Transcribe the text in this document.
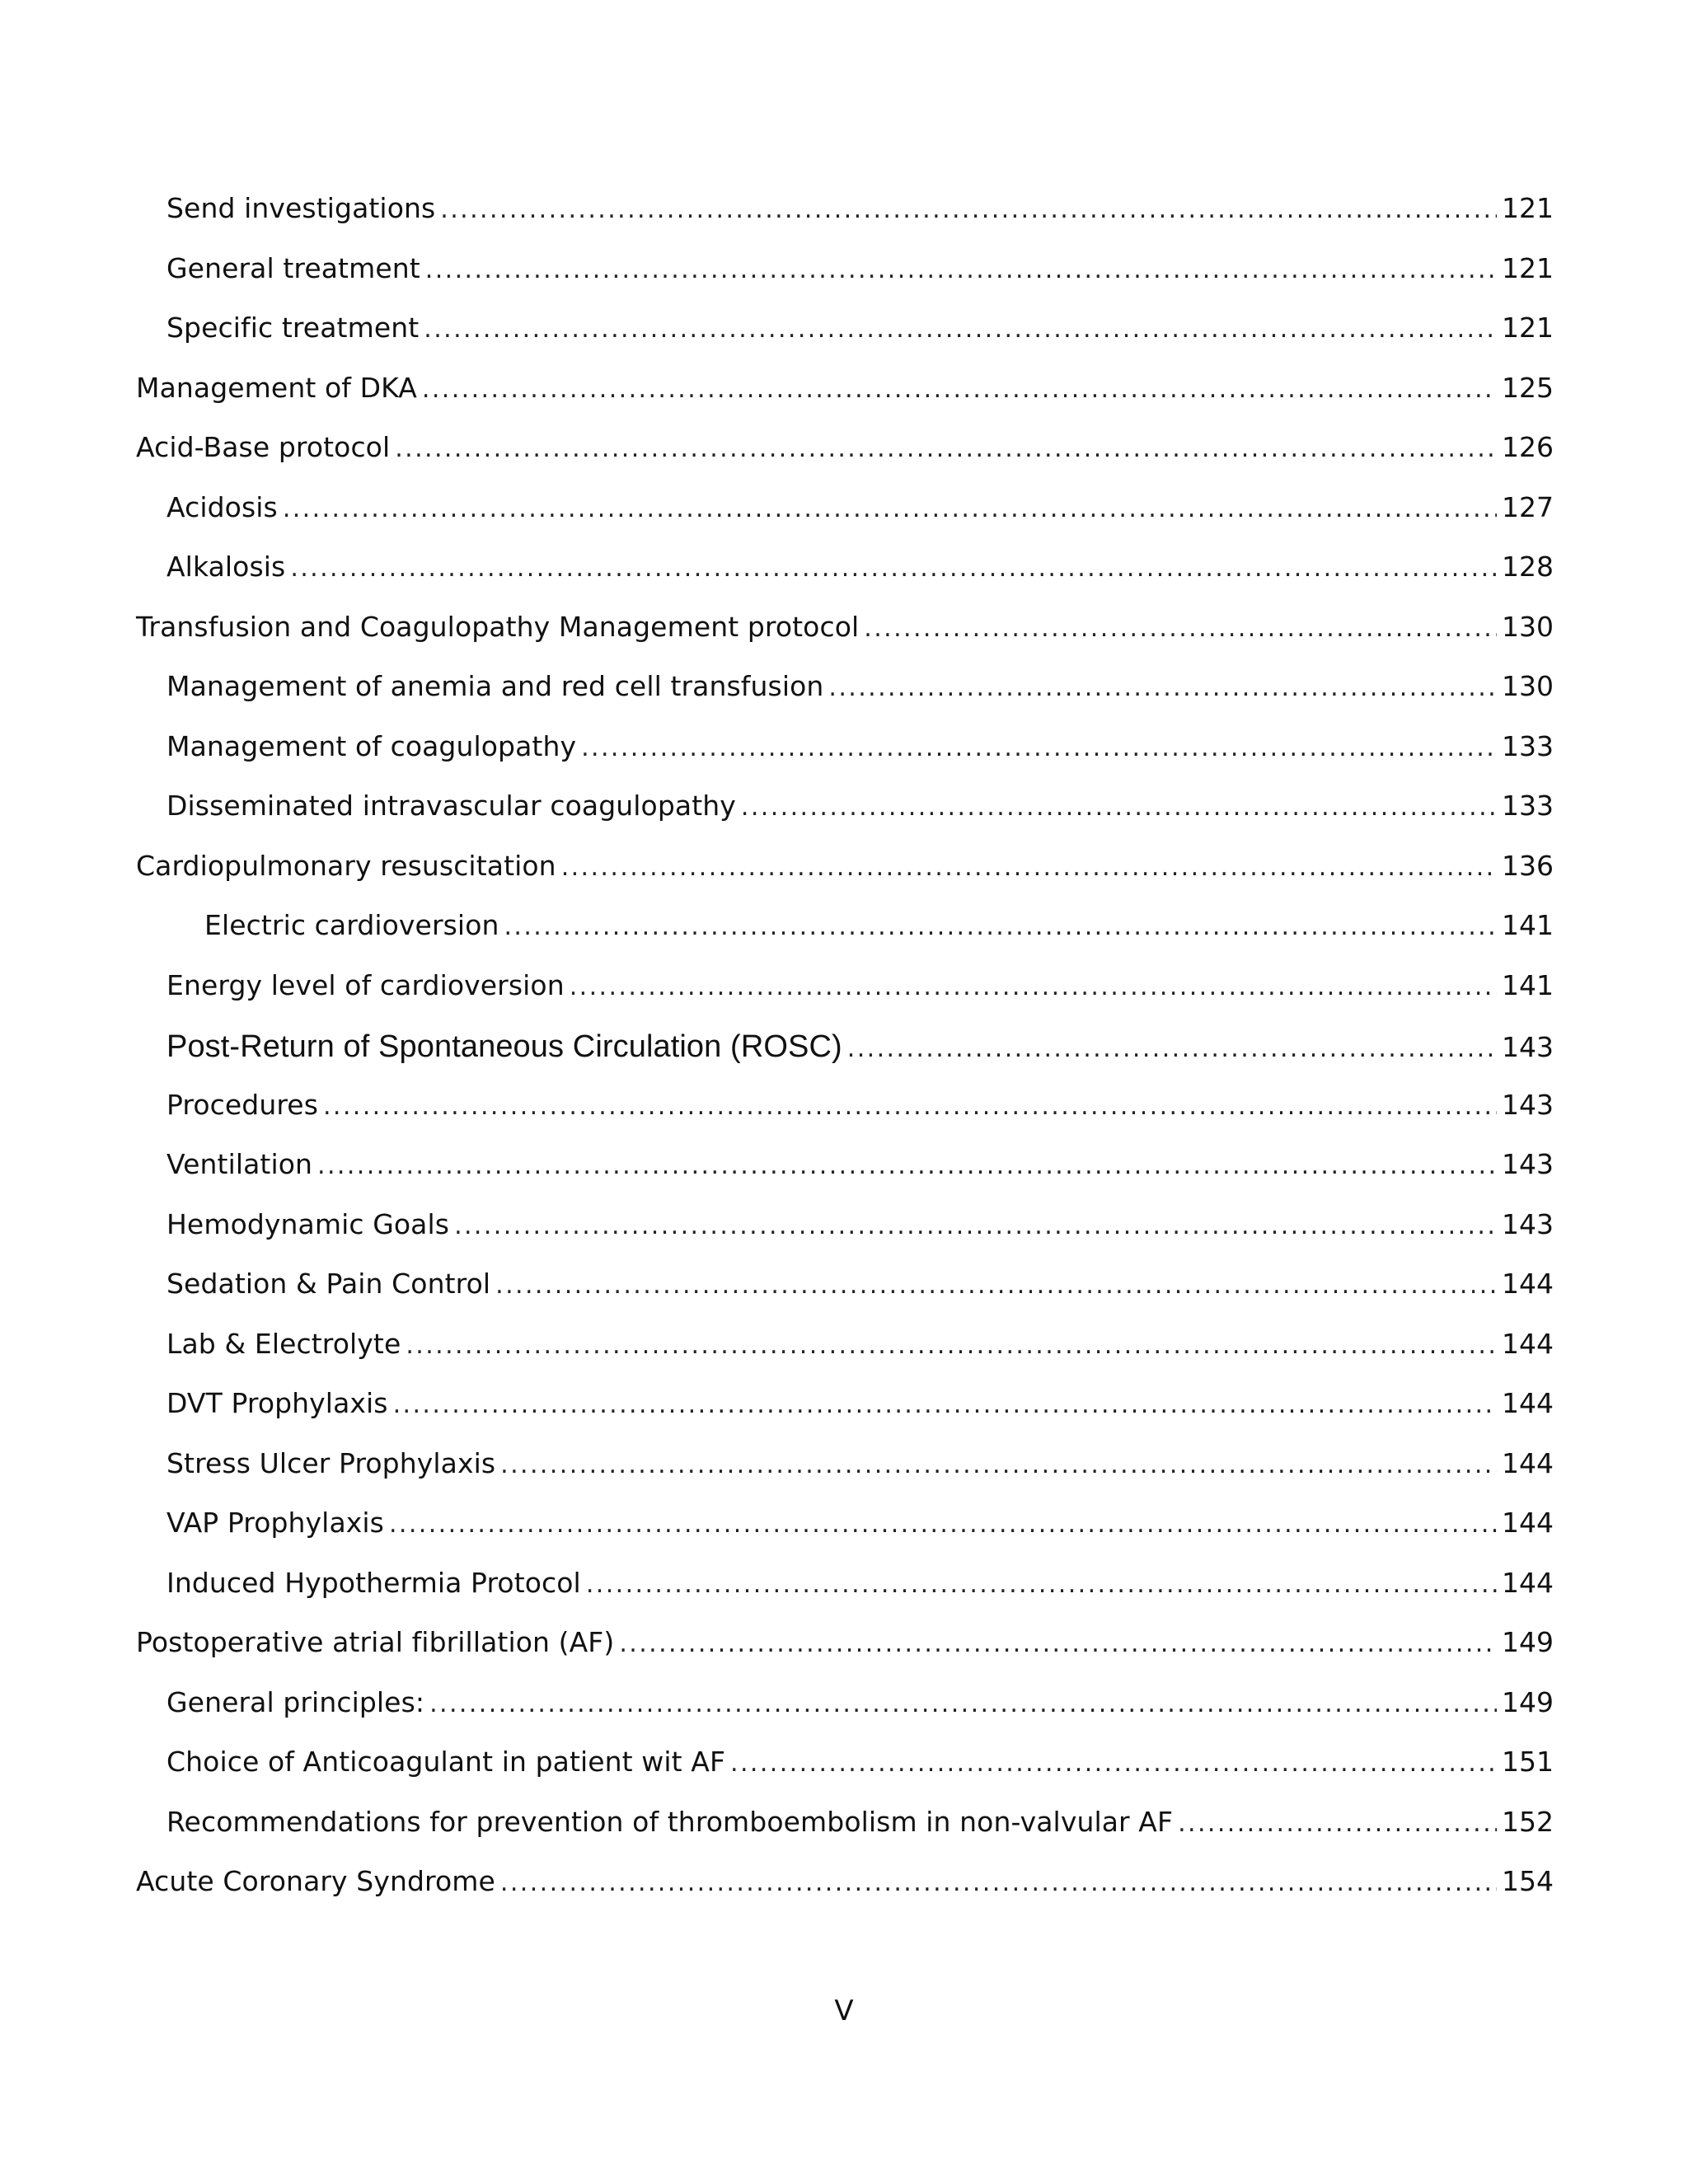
Send investigations .....	121
General treatment .....	121
Specific treatment .....	121
Management of DKA .....	125
Acid-Base protocol .....	126
Acidosis .....	127
Alkalosis .....	128
Transfusion and Coagulopathy Management protocol .....	130
Management of anemia and red cell transfusion .....	130
Management of coagulopathy .....	133
Disseminated intravascular coagulopathy .....	133
Cardiopulmonary resuscitation .....	136
Electric cardioversion .....	141
Energy level of cardioversion .....	141
Post-Return of Spontaneous Circulation (ROSC) .....	143
Procedures .....	143
Ventilation .....	143
Hemodynamic Goals .....	143
Sedation & Pain Control .....	144
Lab & Electrolyte .....	144
DVT Prophylaxis .....	144
Stress Ulcer Prophylaxis .....	144
VAP Prophylaxis .....	144
Induced Hypothermia Protocol .....	144
Postoperative atrial fibrillation (AF) .....	149
General principles: .....	149
Choice of Anticoagulant in patient wit AF .....	151
Recommendations for prevention of thromboembolism in non-valvular AF .....	152
Acute Coronary Syndrome .....	154
V
